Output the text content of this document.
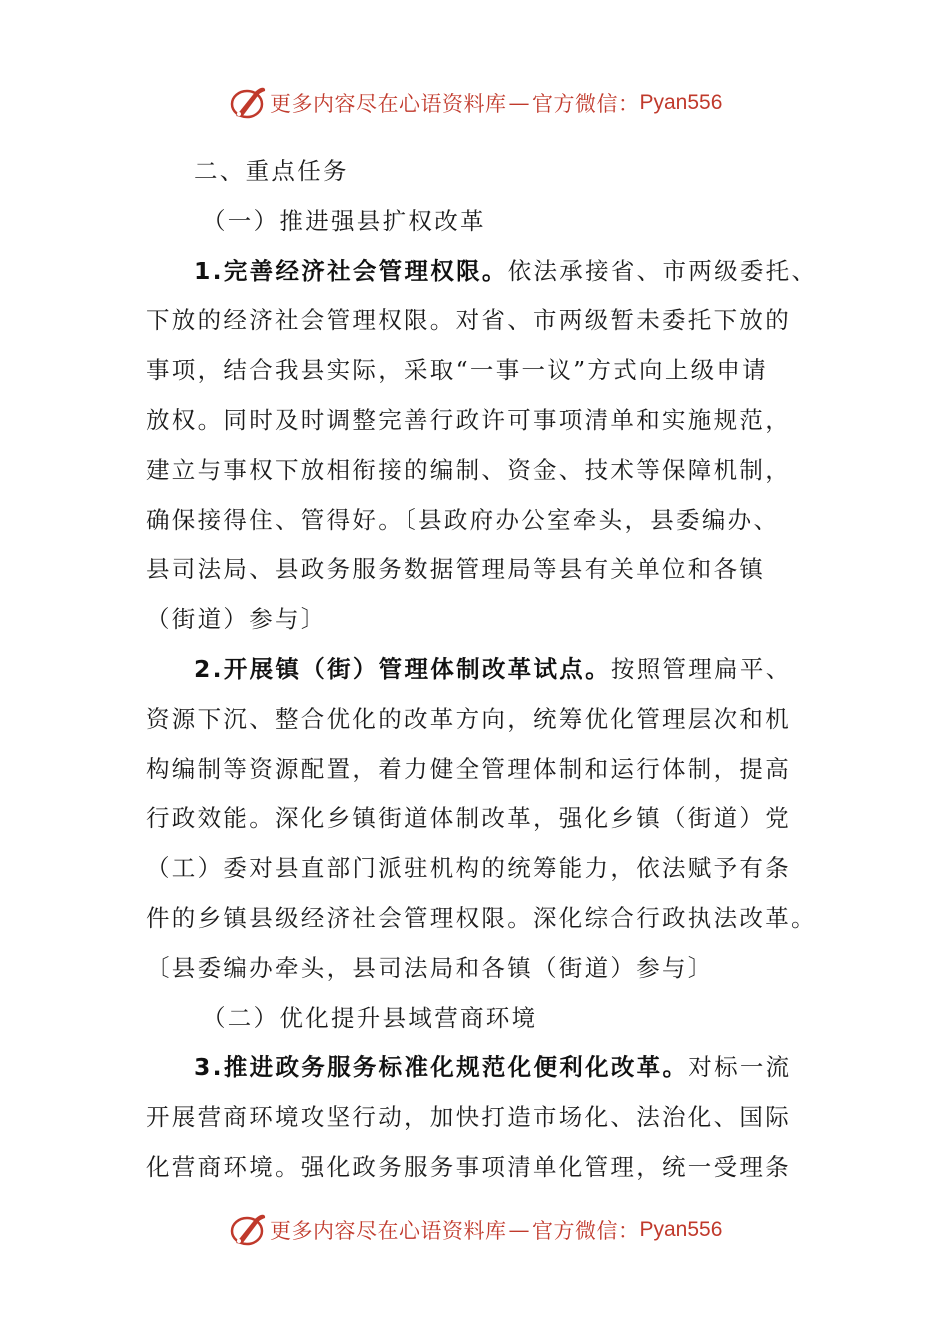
更多内容尽在心语资料库 — 官方微信： Pyan556
二、重点任务
（一）推进强县扩权改革
1.完善经济社会管理权限。依法承接省、市两级委托、
下放的经济社会管理权限。对省、市两级暂未委托下放的
事项，结合我县实际，采取“一事一议”方式向上级申请
放权。同时及时调整完善行政许可事项清单和实施规范，
建立与事权下放相衔接的编制、资金、技术等保障机制，
确保接得住、管得好。〔县政府办公室牵头，县委编办、
县司法局、县政务服务数据管理局等县有关单位和各镇
（街道）参与〕
2.开展镇（街）管理体制改革试点。按照管理扁平、
资源下沉、整合优化的改革方向，统筹优化管理层次和机
构编制等资源配置，着力健全管理体制和运行体制，提高
行政效能。深化乡镇街道体制改革，强化乡镇（街道）党
（工）委对县直部门派驻机构的统筹能力，依法赋予有条
件的乡镇县级经济社会管理权限。深化综合行政执法改革。
〔县委编办牵头，县司法局和各镇（街道）参与〕
（二）优化提升县域营商环境
3.推进政务服务标准化规范化便利化改革。对标一流
开展营商环境攻坚行动，加快打造市场化、法治化、国际
化营商环境。强化政务服务事项清单化管理，统一受理条
更多内容尽在心语资料库 — 官方微信： Pyan556
